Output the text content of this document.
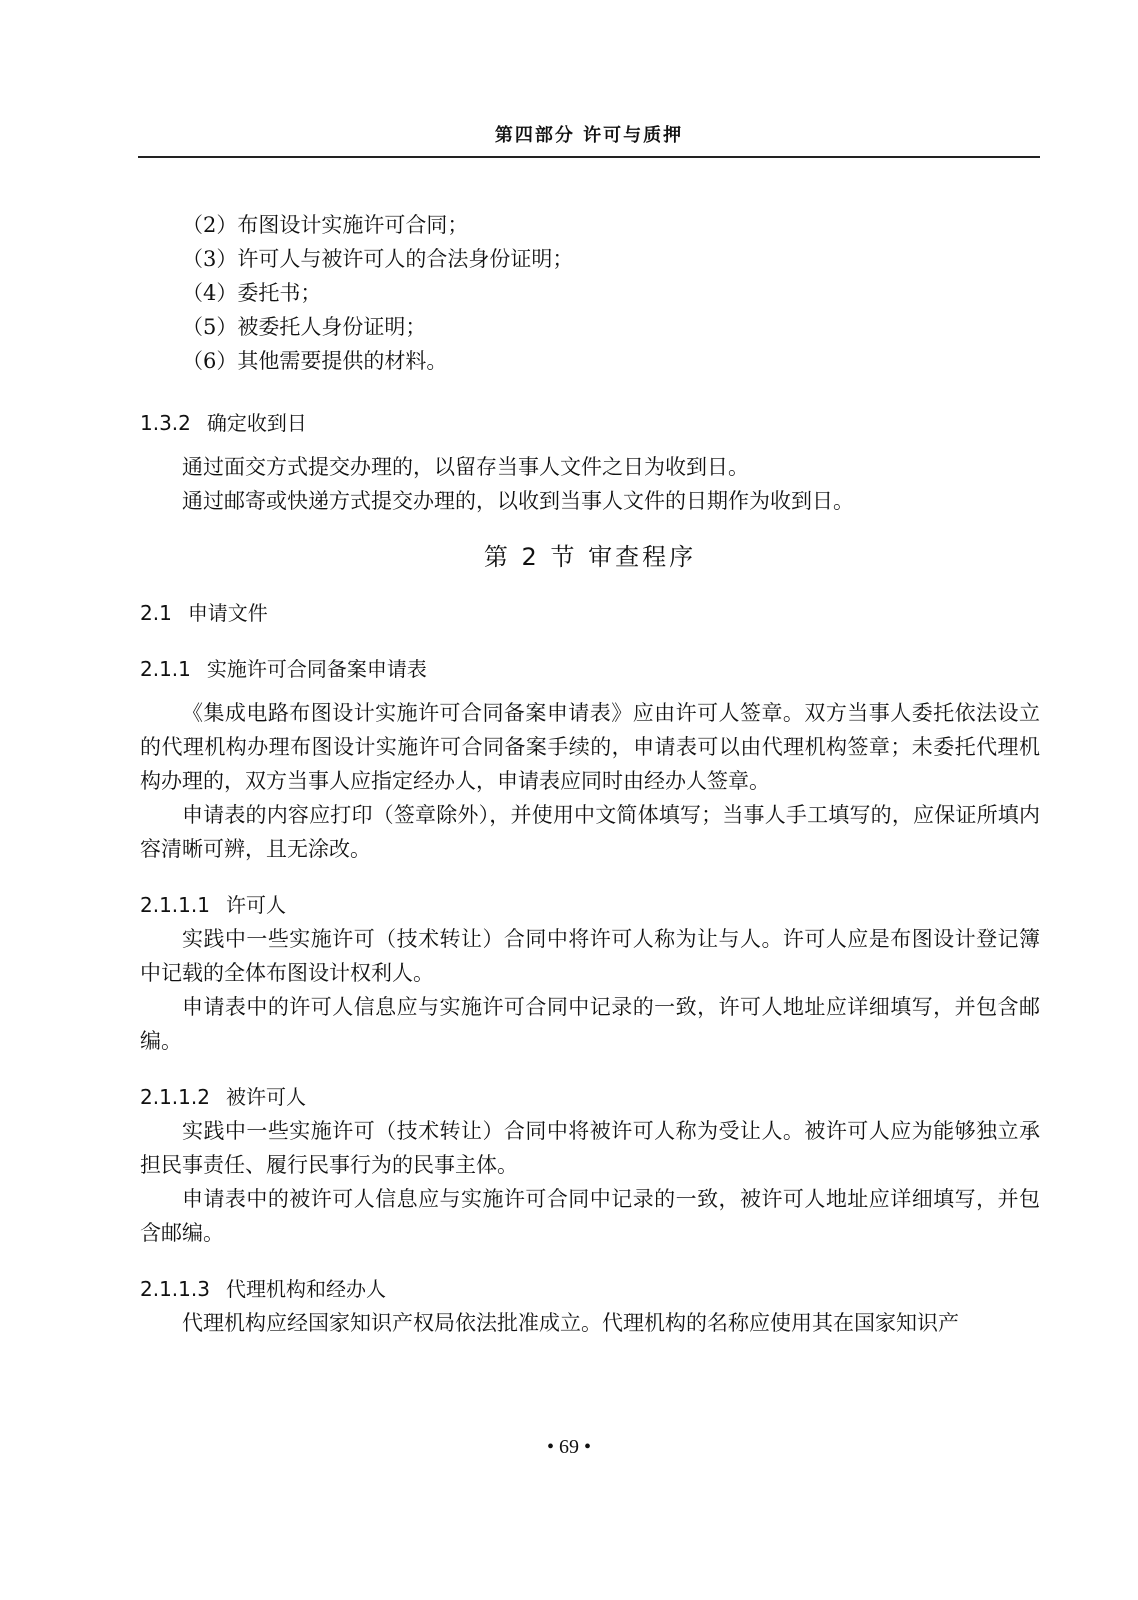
第四部分 许可与质押

（2）布图设计实施许可合同；

（3）许可人与被许可人的合法身份证明；

（4）委托书；

（5）被委托人身份证明；

（6）其他需要提供的材料。

1.3.2 确定收到日

通过面交方式提交办理的，以留存当事人文件之日为收到日。

通过邮寄或快递方式提交办理的，以收到当事人文件的日期作为收到日。

第 2 节 审查程序

2.1 申请文件

2.1.1 实施许可合同备案申请表

《集成电路布图设计实施许可合同备案申请表》应由许可人签章。双方当事人委托依法设立的代理机构办理布图设计实施许可合同备案手续的，申请表可以由代理机构签章；未委托代理机构办理的，双方当事人应指定经办人，申请表应同时由经办人签章。

申请表的内容应打印（签章除外），并使用中文简体填写；当事人手工填写的，应保证所填内容清晰可辨，且无涂改。

2.1.1.1 许可人

实践中一些实施许可（技术转让）合同中将许可人称为让与人。许可人应是布图设计登记簿中记载的全体布图设计权利人。

申请表中的许可人信息应与实施许可合同中记录的一致，许可人地址应详细填写，并包含邮编。

2.1.1.2 被许可人

实践中一些实施许可（技术转让）合同中将被许可人称为受让人。被许可人应为能够独立承担民事责任、履行民事行为的民事主体。

申请表中的被许可人信息应与实施许可合同中记录的一致，被许可人地址应详细填写，并包含邮编。

2.1.1.3 代理机构和经办人

代理机构应经国家知识产权局依法批准成立。代理机构的名称应使用其在国家知识产

• 69 •
